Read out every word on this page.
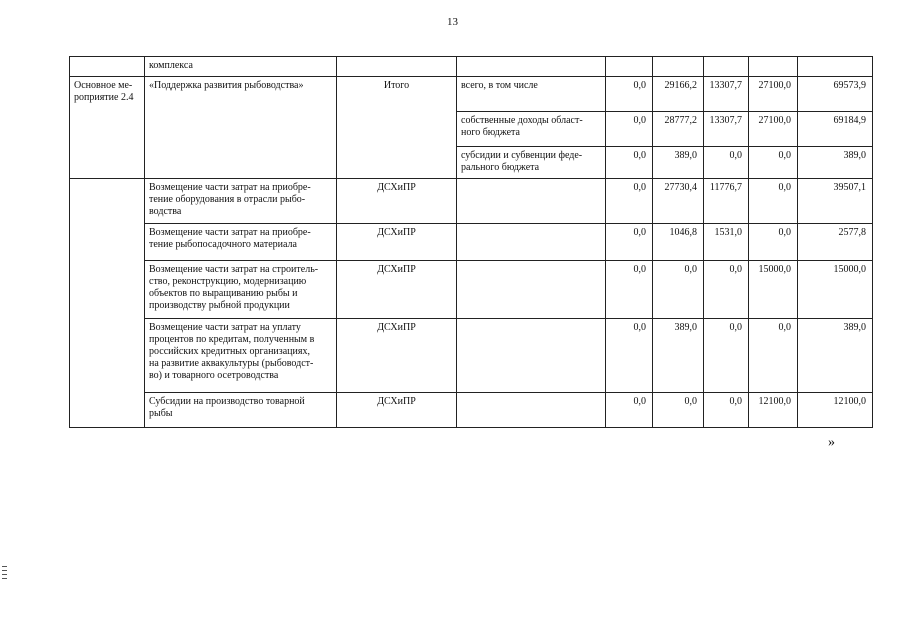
13
	комплекса							
Основное ме-
роприятие 2.4	«Поддержка развития рыбоводства»	Итого	всего, в том числе	0,0	29166,2	13307,7	27100,0	69573,9
			собственные доходы област-
ного бюджета	0,0	28777,2	13307,7	27100,0	69184,9
			субсидии и субвенции феде-
рального бюджета	0,0	389,0	0,0	0,0	389,0
	Возмещение части затрат на приобре-
тение оборудования в отрасли рыбо-
водства	ДСХиПР		0,0	27730,4	11776,7	0,0	39507,1
	Возмещение части затрат на приобре-
тение рыбопосадочного материала	ДСХиПР		0,0	1046,8	1531,0	0,0	2577,8
	Возмещение части затрат на строитель-
ство, реконструкцию, модернизацию
объектов по выращиванию рыбы и
производству рыбной продукции	ДСХиПР		0,0	0,0	0,0	15000,0	15000,0
	Возмещение части затрат на уплату
процентов по кредитам, полученным в
российских кредитных организациях,
на развитие аквакультуры (рыбоводст-
во) и товарного осетроводства	ДСХиПР		0,0	389,0	0,0	0,0	389,0
	Субсидии на производство товарной
рыбы	ДСХиПР		0,0	0,0	0,0	12100,0	12100,0
»
